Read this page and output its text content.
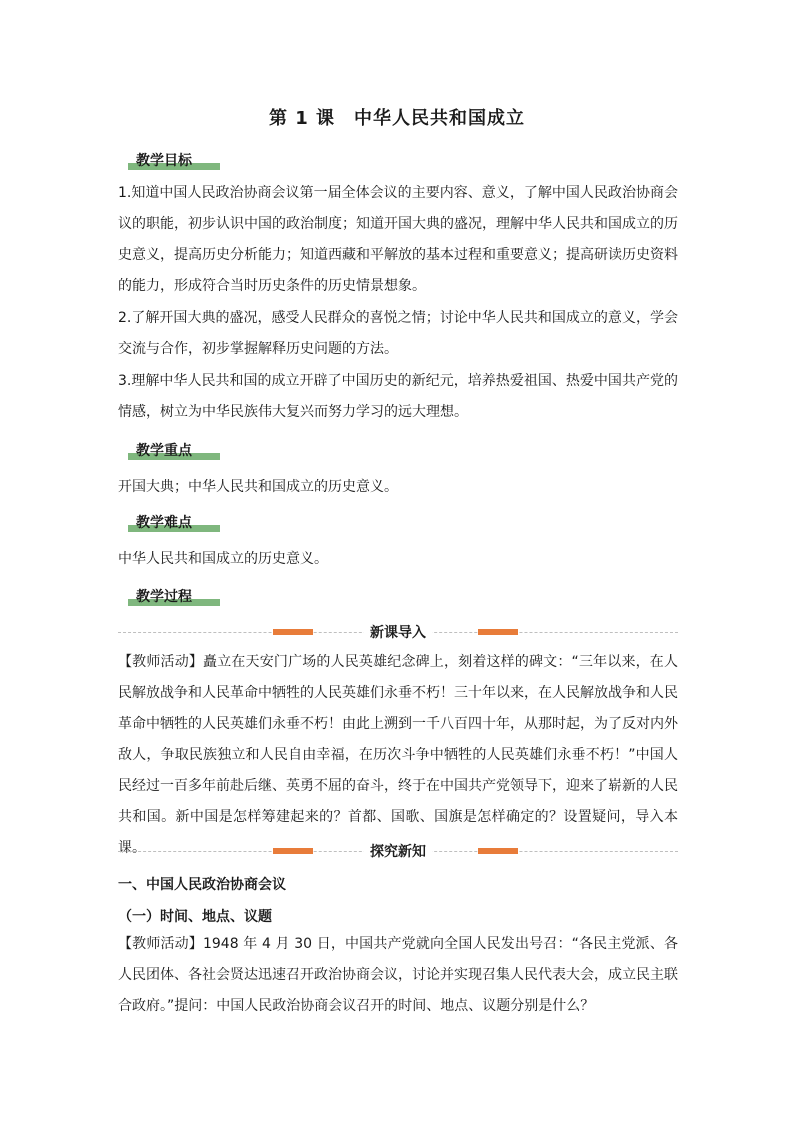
第 1 课　中华人民共和国成立
教学目标
1.知道中国人民政治协商会议第一届全体会议的主要内容、意义，了解中国人民政治协商会议的职能，初步认识中国的政治制度；知道开国大典的盛况，理解中华人民共和国成立的历史意义，提高历史分析能力；知道西藏和平解放的基本过程和重要意义；提高研读历史资料的能力，形成符合当时历史条件的历史情景想象。
2.了解开国大典的盛况，感受人民群众的喜悦之情；讨论中华人民共和国成立的意义，学会交流与合作，初步掌握解释历史问题的方法。
3.理解中华人民共和国的成立开辟了中国历史的新纪元，培养热爱祖国、热爱中国共产党的情感，树立为中华民族伟大复兴而努力学习的远大理想。
教学重点
开国大典；中华人民共和国成立的历史意义。
教学难点
中华人民共和国成立的历史意义。
教学过程
新课导入
【教师活动】矗立在天安门广场的人民英雄纪念碑上，刻着这样的碑文：“三年以来，在人民解放战争和人民革命中牺牲的人民英雄们永垂不朽！三十年以来，在人民解放战争和人民革命中牺牲的人民英雄们永垂不朽！由此上溯到一千八百四十年，从那时起，为了反对内外敌人，争取民族独立和人民自由幸福，在历次斗争中牺牲的人民英雄们永垂不朽！”中国人民经过一百多年前赴后继、英勇不屈的奋斗，终于在中国共产党领导下，迎来了崭新的人民共和国。新中国是怎样筹建起来的？首都、国歌、国旗是怎样确定的？设置疑问，导入本课。	探究新知
一、中国人民政治协商会议
（一）时间、地点、议题
【教师活动】1948 年 4 月 30 日，中国共产党就向全国人民发出号召：“各民主党派、各人民团体、各社会贤达迅速召开政治协商会议，讨论并实现召集人民代表大会，成立民主联合政府。”提问：中国人民政治协商会议召开的时间、地点、议题分别是什么？
